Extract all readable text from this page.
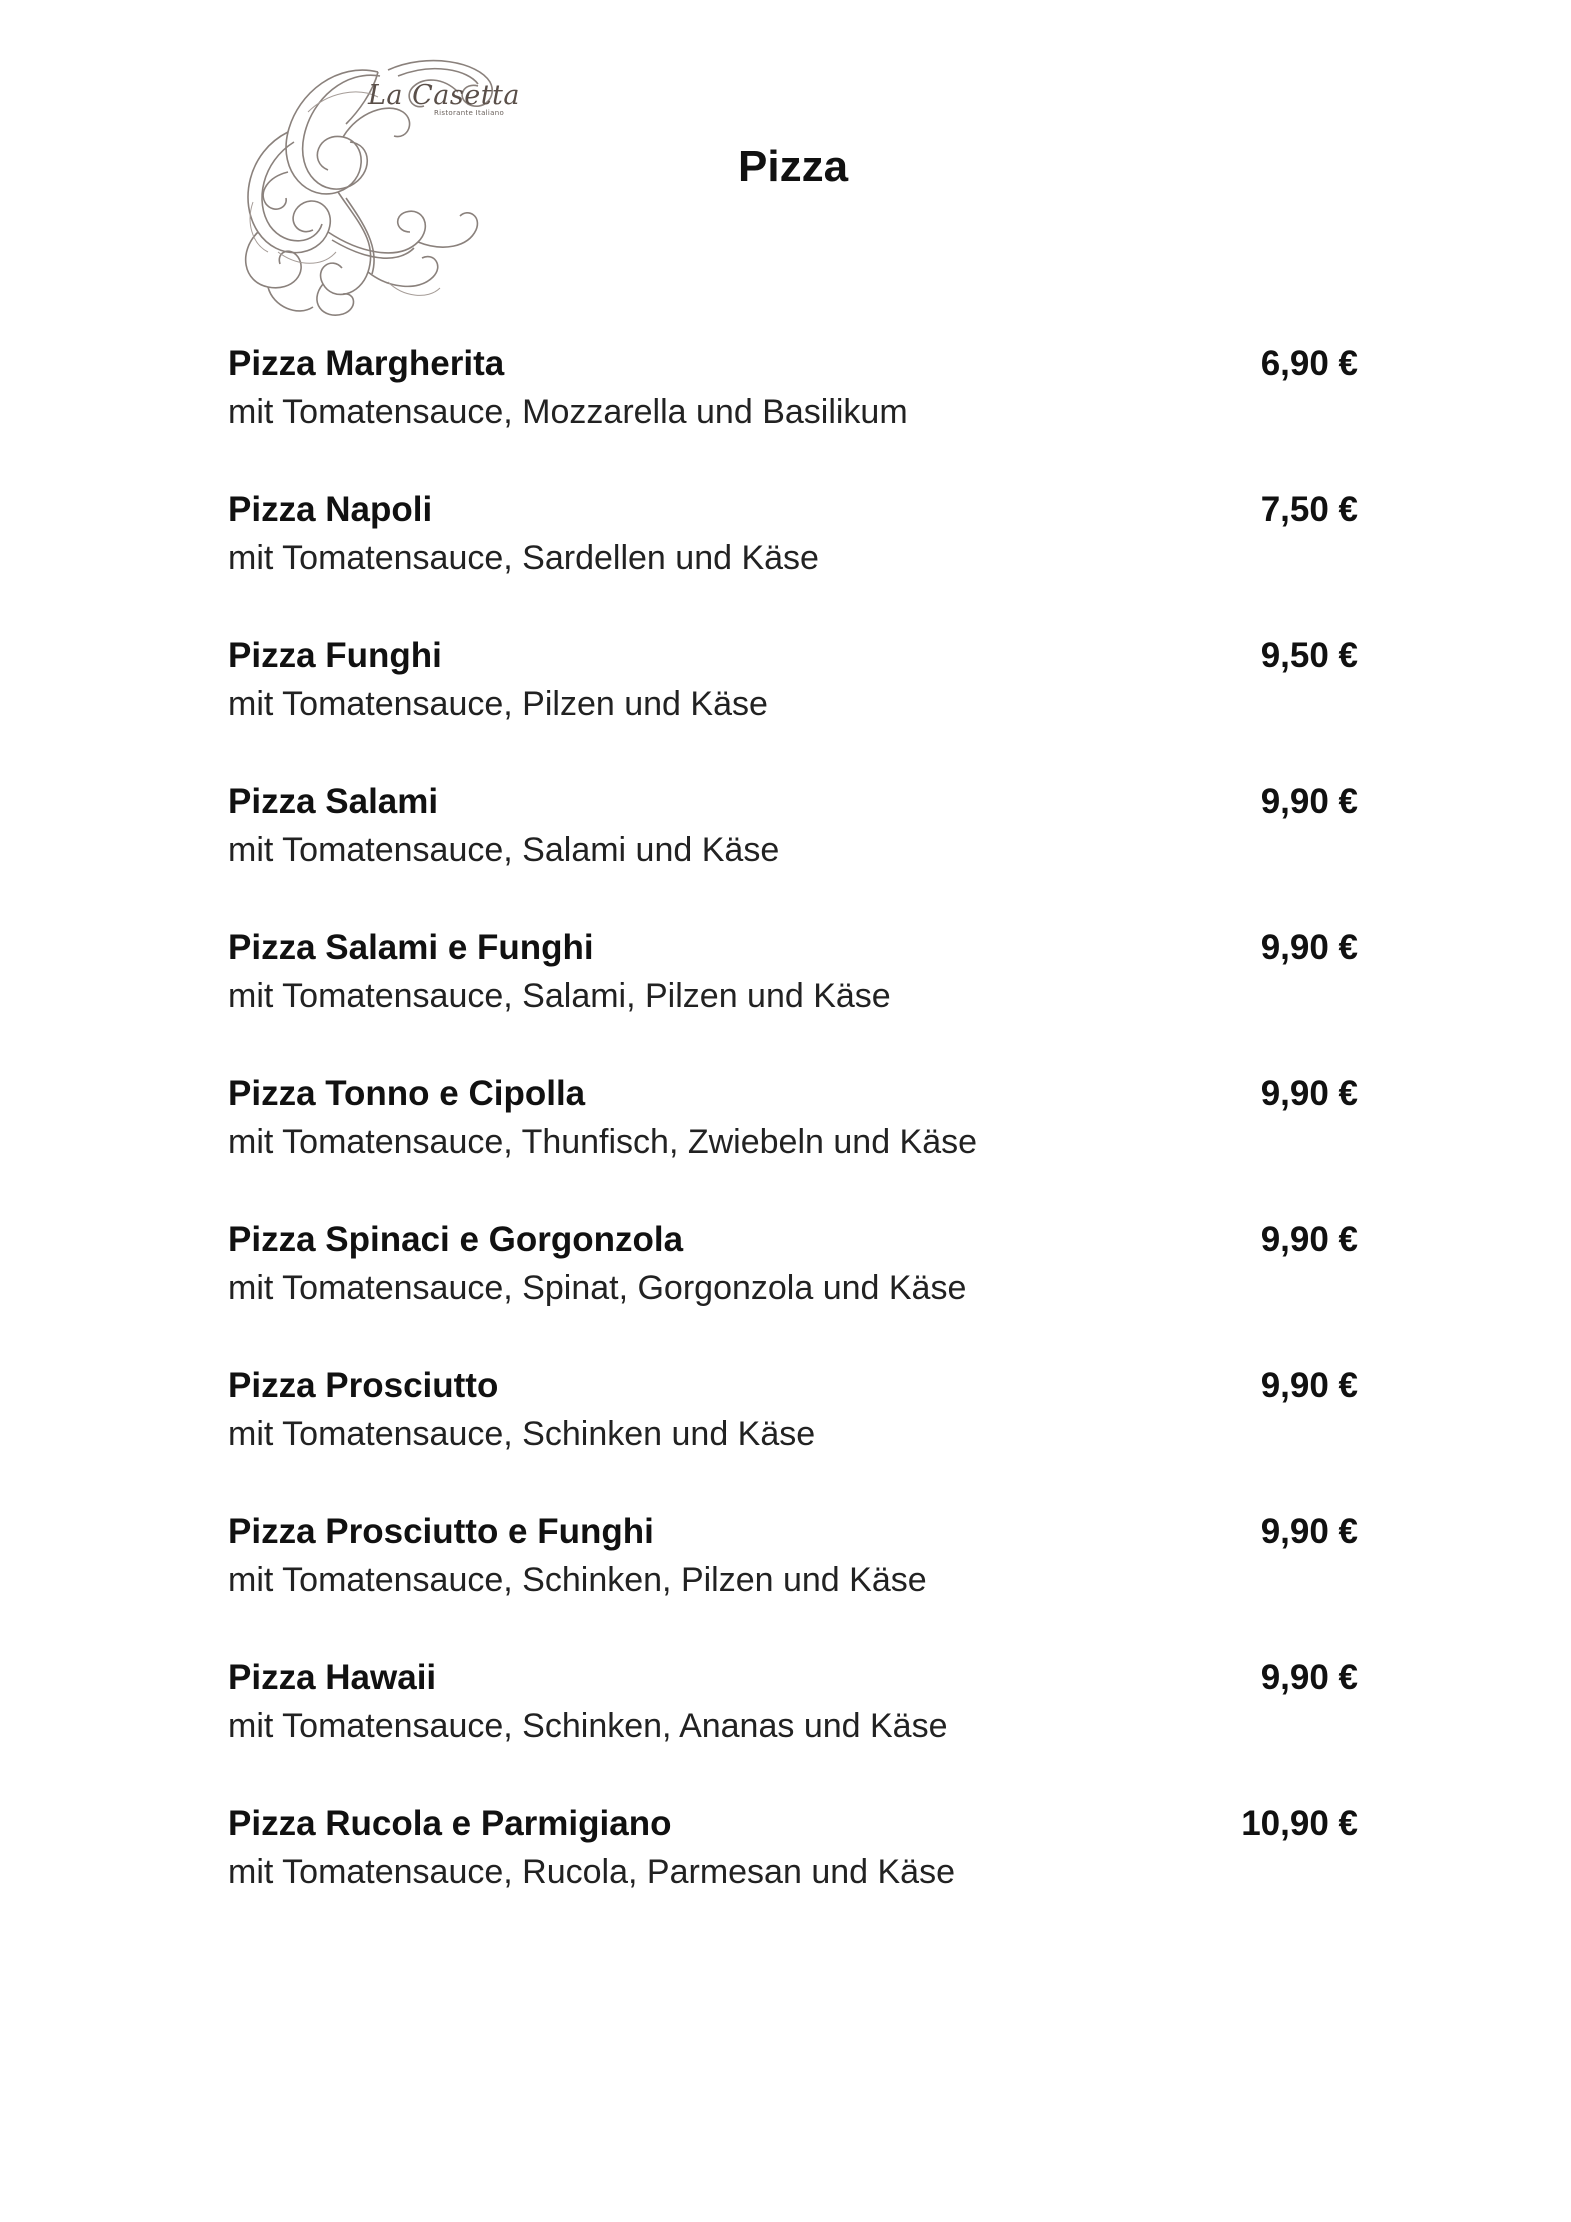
La Casetta
Ristorante Italiano
Pizza
Pizza Margherita
mit Tomatensauce, Mozzarella und Basilikum
6,90 €
Pizza Napoli
mit Tomatensauce, Sardellen und Käse
7,50 €
Pizza Funghi
mit Tomatensauce, Pilzen und Käse
9,50 €
Pizza Salami
mit Tomatensauce, Salami und Käse
9,90 €
Pizza Salami e Funghi
mit Tomatensauce, Salami, Pilzen und Käse
9,90 €
Pizza Tonno e Cipolla
mit Tomatensauce, Thunfisch, Zwiebeln und Käse
9,90 €
Pizza Spinaci e Gorgonzola
mit Tomatensauce, Spinat, Gorgonzola und Käse
9,90 €
Pizza Prosciutto
mit Tomatensauce, Schinken und Käse
9,90 €
Pizza Prosciutto e Funghi
mit Tomatensauce, Schinken, Pilzen und Käse
9,90 €
Pizza Hawaii
mit Tomatensauce, Schinken, Ananas und Käse
9,90 €
Pizza Rucola e Parmigiano
mit Tomatensauce, Rucola, Parmesan und Käse
10,90 €
